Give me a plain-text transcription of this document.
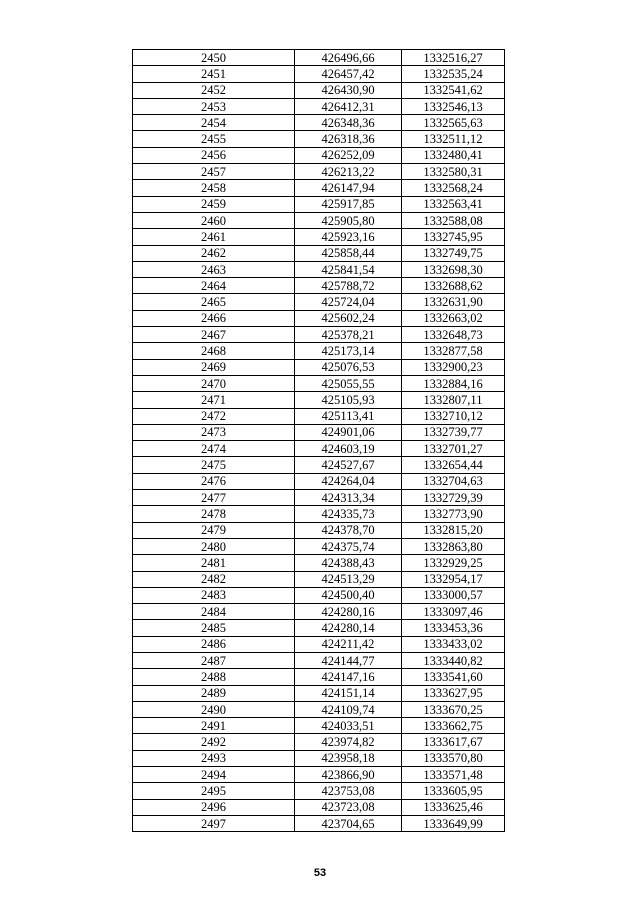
2450	426496,66	1332516,27
2451	426457,42	1332535,24
2452	426430,90	1332541,62
2453	426412,31	1332546,13
2454	426348,36	1332565,63
2455	426318,36	1332511,12
2456	426252,09	1332480,41
2457	426213,22	1332580,31
2458	426147,94	1332568,24
2459	425917,85	1332563,41
2460	425905,80	1332588,08
2461	425923,16	1332745,95
2462	425858,44	1332749,75
2463	425841,54	1332698,30
2464	425788,72	1332688,62
2465	425724,04	1332631,90
2466	425602,24	1332663,02
2467	425378,21	1332648,73
2468	425173,14	1332877,58
2469	425076,53	1332900,23
2470	425055,55	1332884,16
2471	425105,93	1332807,11
2472	425113,41	1332710,12
2473	424901,06	1332739,77
2474	424603,19	1332701,27
2475	424527,67	1332654,44
2476	424264,04	1332704,63
2477	424313,34	1332729,39
2478	424335,73	1332773,90
2479	424378,70	1332815,20
2480	424375,74	1332863,80
2481	424388,43	1332929,25
2482	424513,29	1332954,17
2483	424500,40	1333000,57
2484	424280,16	1333097,46
2485	424280,14	1333453,36
2486	424211,42	1333433,02
2487	424144,77	1333440,82
2488	424147,16	1333541,60
2489	424151,14	1333627,95
2490	424109,74	1333670,25
2491	424033,51	1333662,75
2492	423974,82	1333617,67
2493	423958,18	1333570,80
2494	423866,90	1333571,48
2495	423753,08	1333605,95
2496	423723,08	1333625,46
2497	423704,65	1333649,99
53
